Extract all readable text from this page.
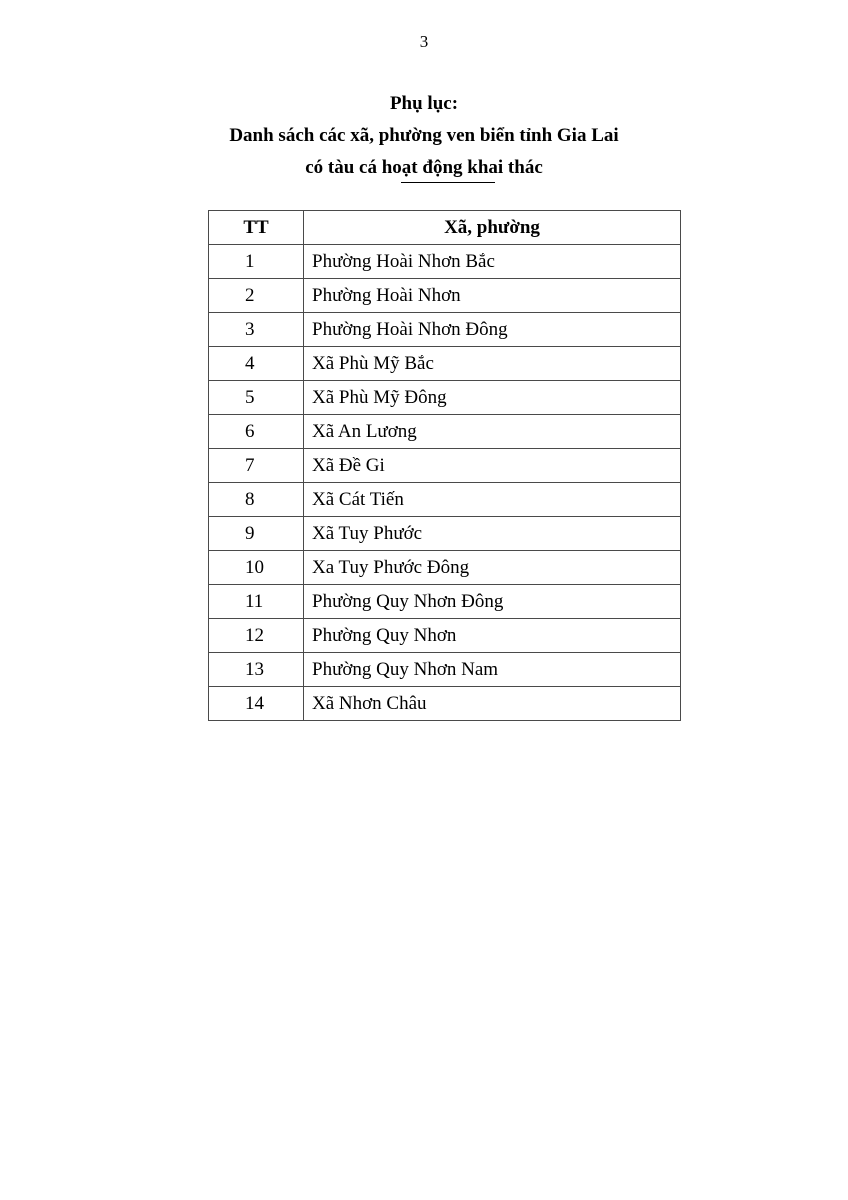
3
Phụ lục:
Danh sách các xã, phường ven biển tỉnh Gia Lai
có tàu cá hoạt động khai thác
TT	Xã, phường
1	Phường Hoài Nhơn Bắc
2	Phường Hoài Nhơn
3	Phường Hoài Nhơn Đông
4	Xã Phù Mỹ Bắc
5	Xã Phù Mỹ Đông
6	Xã An Lương
7	Xã Đề Gi
8	Xã Cát Tiến
9	Xã Tuy Phước
10	Xa Tuy Phước Đông
11	Phường Quy Nhơn Đông
12	Phường Quy Nhơn
13	Phường Quy Nhơn Nam
14	Xã Nhơn Châu
